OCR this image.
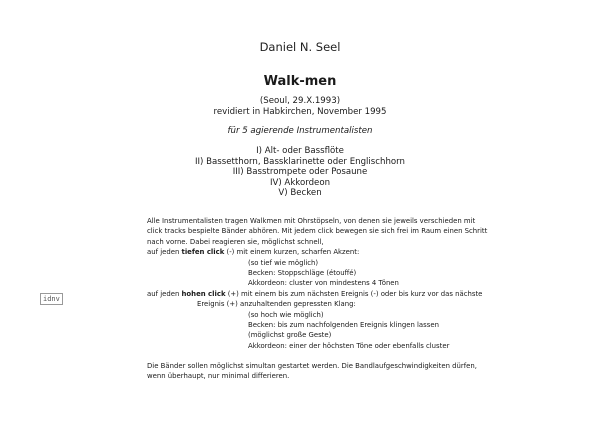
Daniel N. Seel
Walk-men
(Seoul, 29.X.1993)
revidiert in Habkirchen, November 1995
für 5 agierende Instrumentalisten
I) Alt- oder Bassflöte
II) Bassetthorn, Bassklarinette oder Englischhorn
III) Basstrompete oder Posaune
IV) Akkordeon
V) Becken
Alle Instrumentalisten tragen Walkmen mit Ohrstöpseln, von denen sie jeweils verschieden mit
click tracks bespielte Bänder abhören. Mit jedem click bewegen sie sich frei im Raum einen Schritt
nach vorne. Dabei reagieren sie, möglichst schnell,
auf jeden tiefen click (-) mit einem kurzen, scharfen Akzent:
(so tief wie möglich)
Becken: Stoppschläge (étouffé)
Akkordeon: cluster von mindestens 4 Tönen
auf jeden hohen click (+) mit einem bis zum nächsten Ereignis (-) oder bis kurz vor das nächste
Ereignis (+) anzuhaltenden gepressten Klang:
(so hoch wie möglich)
Becken: bis zum nachfolgenden Ereignis klingen lassen
(möglichst große Geste)
Akkordeon: einer der höchsten Töne oder ebenfalls cluster
Die Bänder sollen möglichst simultan gestartet werden. Die Bandlaufgeschwindigkeiten dürfen,
wenn überhaupt, nur minimal differieren.
idnv
